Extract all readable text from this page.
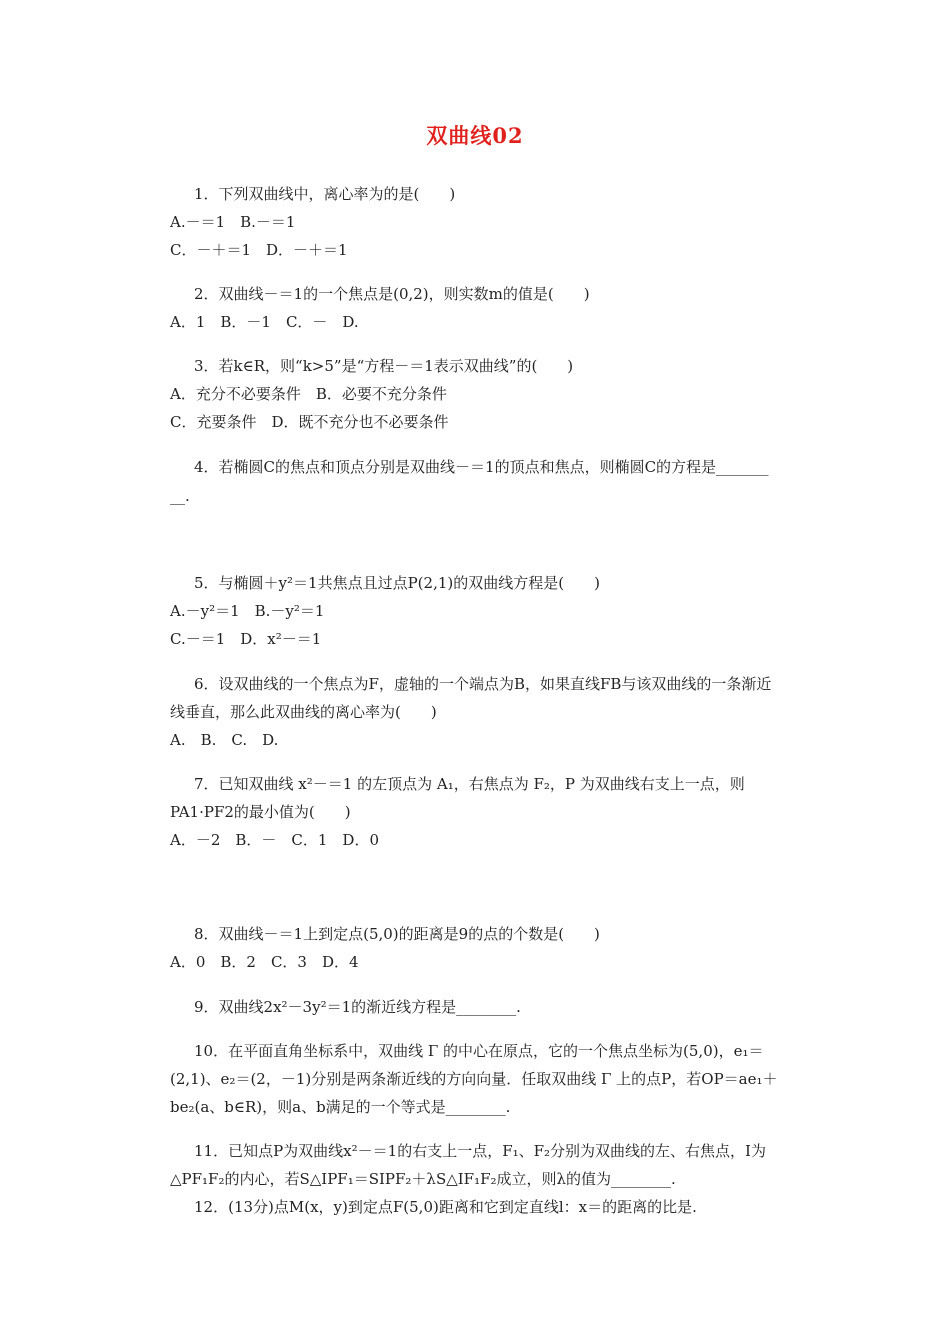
双曲线02
1．下列双曲线中，离心率为的是(　　)
A.－＝1　B.－＝1
C．－＋＝1　D．－＋＝1
2．双曲线－＝1的一个焦点是(0,2)，则实数m的值是(　　)
A．1　B．－1　C．－　D.
3．若k∈R，则“k>5”是“方程－＝1表示双曲线”的(　　)
A．充分不必要条件　B．必要不充分条件
C．充要条件　D．既不充分也不必要条件
4．若椭圆C的焦点和顶点分别是双曲线－＝1的顶点和焦点，则椭圆C的方程是_______
__.
5．与椭圆＋y²＝1共焦点且过点P(2,1)的双曲线方程是(　　)
A.－y²＝1　B.－y²＝1
C.－＝1　D．x²－＝1
6．设双曲线的一个焦点为F，虚轴的一个端点为B，如果直线FB与该双曲线的一条渐近
线垂直，那么此双曲线的离心率为(　　)
A.　B.　C.　D.
7．已知双曲线 x²－＝1 的左顶点为 A₁，右焦点为 F₂，P 为双曲线右支上一点，则
PA1·PF2的最小值为(　　)
A．－2　B．－　C．1　D．0
8．双曲线－＝1上到定点(5,0)的距离是9的点的个数是(　　)
A．0　B．2　C．3　D．4
9．双曲线2x²－3y²＝1的渐近线方程是________.
10．在平面直角坐标系中，双曲线 Γ 的中心在原点，它的一个焦点坐标为(5,0)，e₁＝
(2,1)、e₂＝(2，－1)分别是两条渐近线的方向向量．任取双曲线 Γ 上的点P，若OP＝ae₁＋
be₂(a、b∈R)，则a、b满足的一个等式是________.
11．已知点P为双曲线x²－＝1的右支上一点，F₁、F₂分别为双曲线的左、右焦点，I为
△PF₁F₂的内心，若S△IPF₁＝SIPF₂＋λS△IF₁F₂成立，则λ的值为________.
12．(13分)点M(x，y)到定点F(5,0)距离和它到定直线l：x＝的距离的比是.
